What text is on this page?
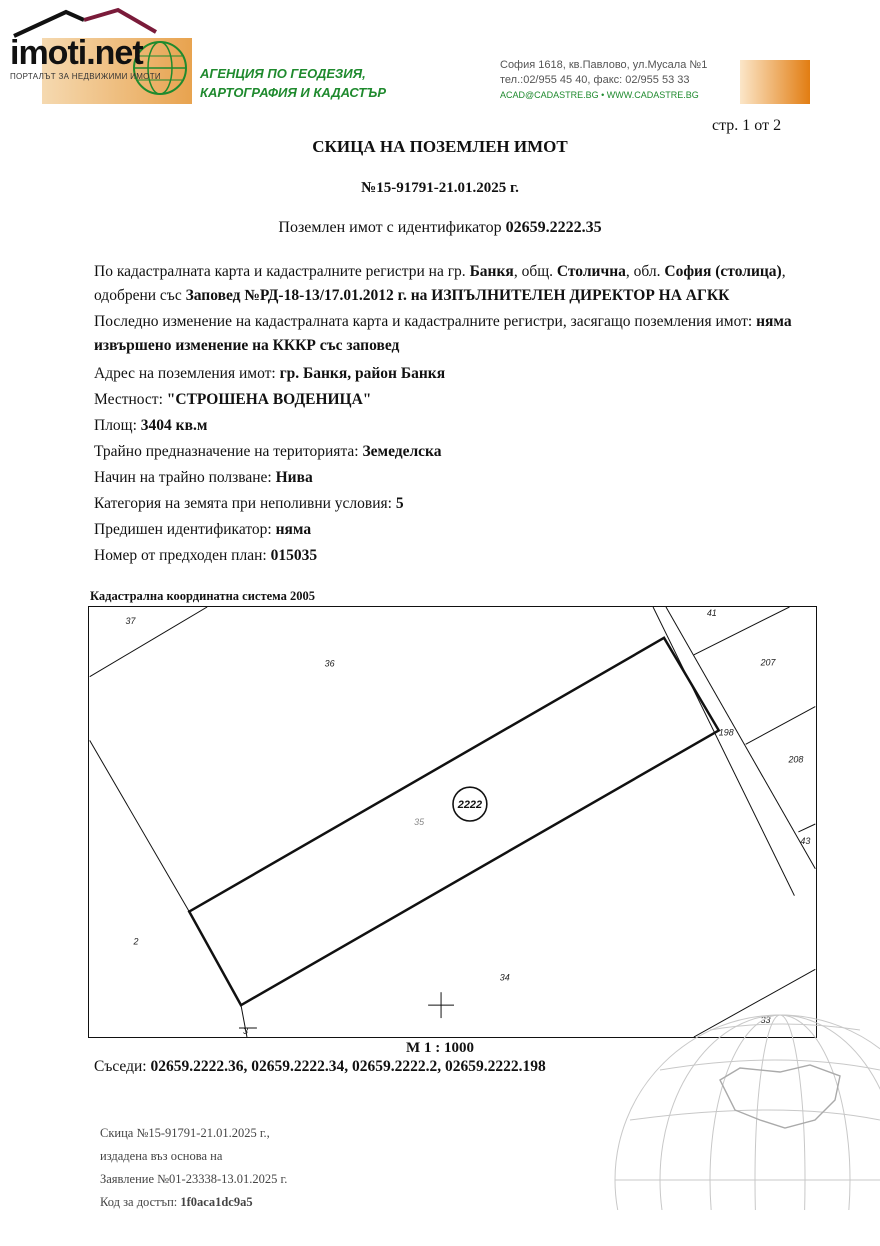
imoti.net
ПОРТАЛЪТ ЗА НЕДВИЖИМИ ИМОТИ	АГЕНЦИЯ ПО ГЕОДЕЗИЯ,
КАРТОГРАФИЯ И КАДАСТЪР
София 1618, кв.Павлово, ул.Мусала №1
тел.:02/955 45 40, факс: 02/955 53 33
ACAD@CADASTRE.BG • WWW.CADASTRE.BG
стр. 1 от 2
СКИЦА НА ПОЗЕМЛЕН ИМОТ
№15-91791-21.01.2025 г.
Поземлен имот с идентификатор 02659.2222.35
По кадастралната карта и кадастралните регистри на гр. Банкя, общ. Столична, обл. София (столица), одобрени със Заповед №РД-18-13/17.01.2012 г. на ИЗПЪЛНИТЕЛЕН ДИРЕКТОР НА АГКК
Последно изменение на кадастралната карта и кадастралните регистри, засягащо поземления имот: няма извършено изменение на КККР със заповед
Адрес на поземления имот: гр. Банкя, район Банкя
Местност: "СТРОШЕНА ВОДЕНИЦА"
Площ: 3404 кв.м
Трайно предназначение на територията: Земеделска
Начин на трайно ползване: Нива
Категория на земята при неполивни условия: 5
Предишен идентификатор: няма
Номер от предходен план: 015035
Кадастрална координатна система 2005
2222
37
36
41
207
198
208
35
43
2
34
3
33
М 1 : 1000
Съседи: 02659.2222.36, 02659.2222.34, 02659.2222.2, 02659.2222.198
Скица №15-91791-21.01.2025 г.,
издадена въз основа на
Заявление №01-23338-13.01.2025 г.
Код за достъп: 1f0aca1dc9a5
